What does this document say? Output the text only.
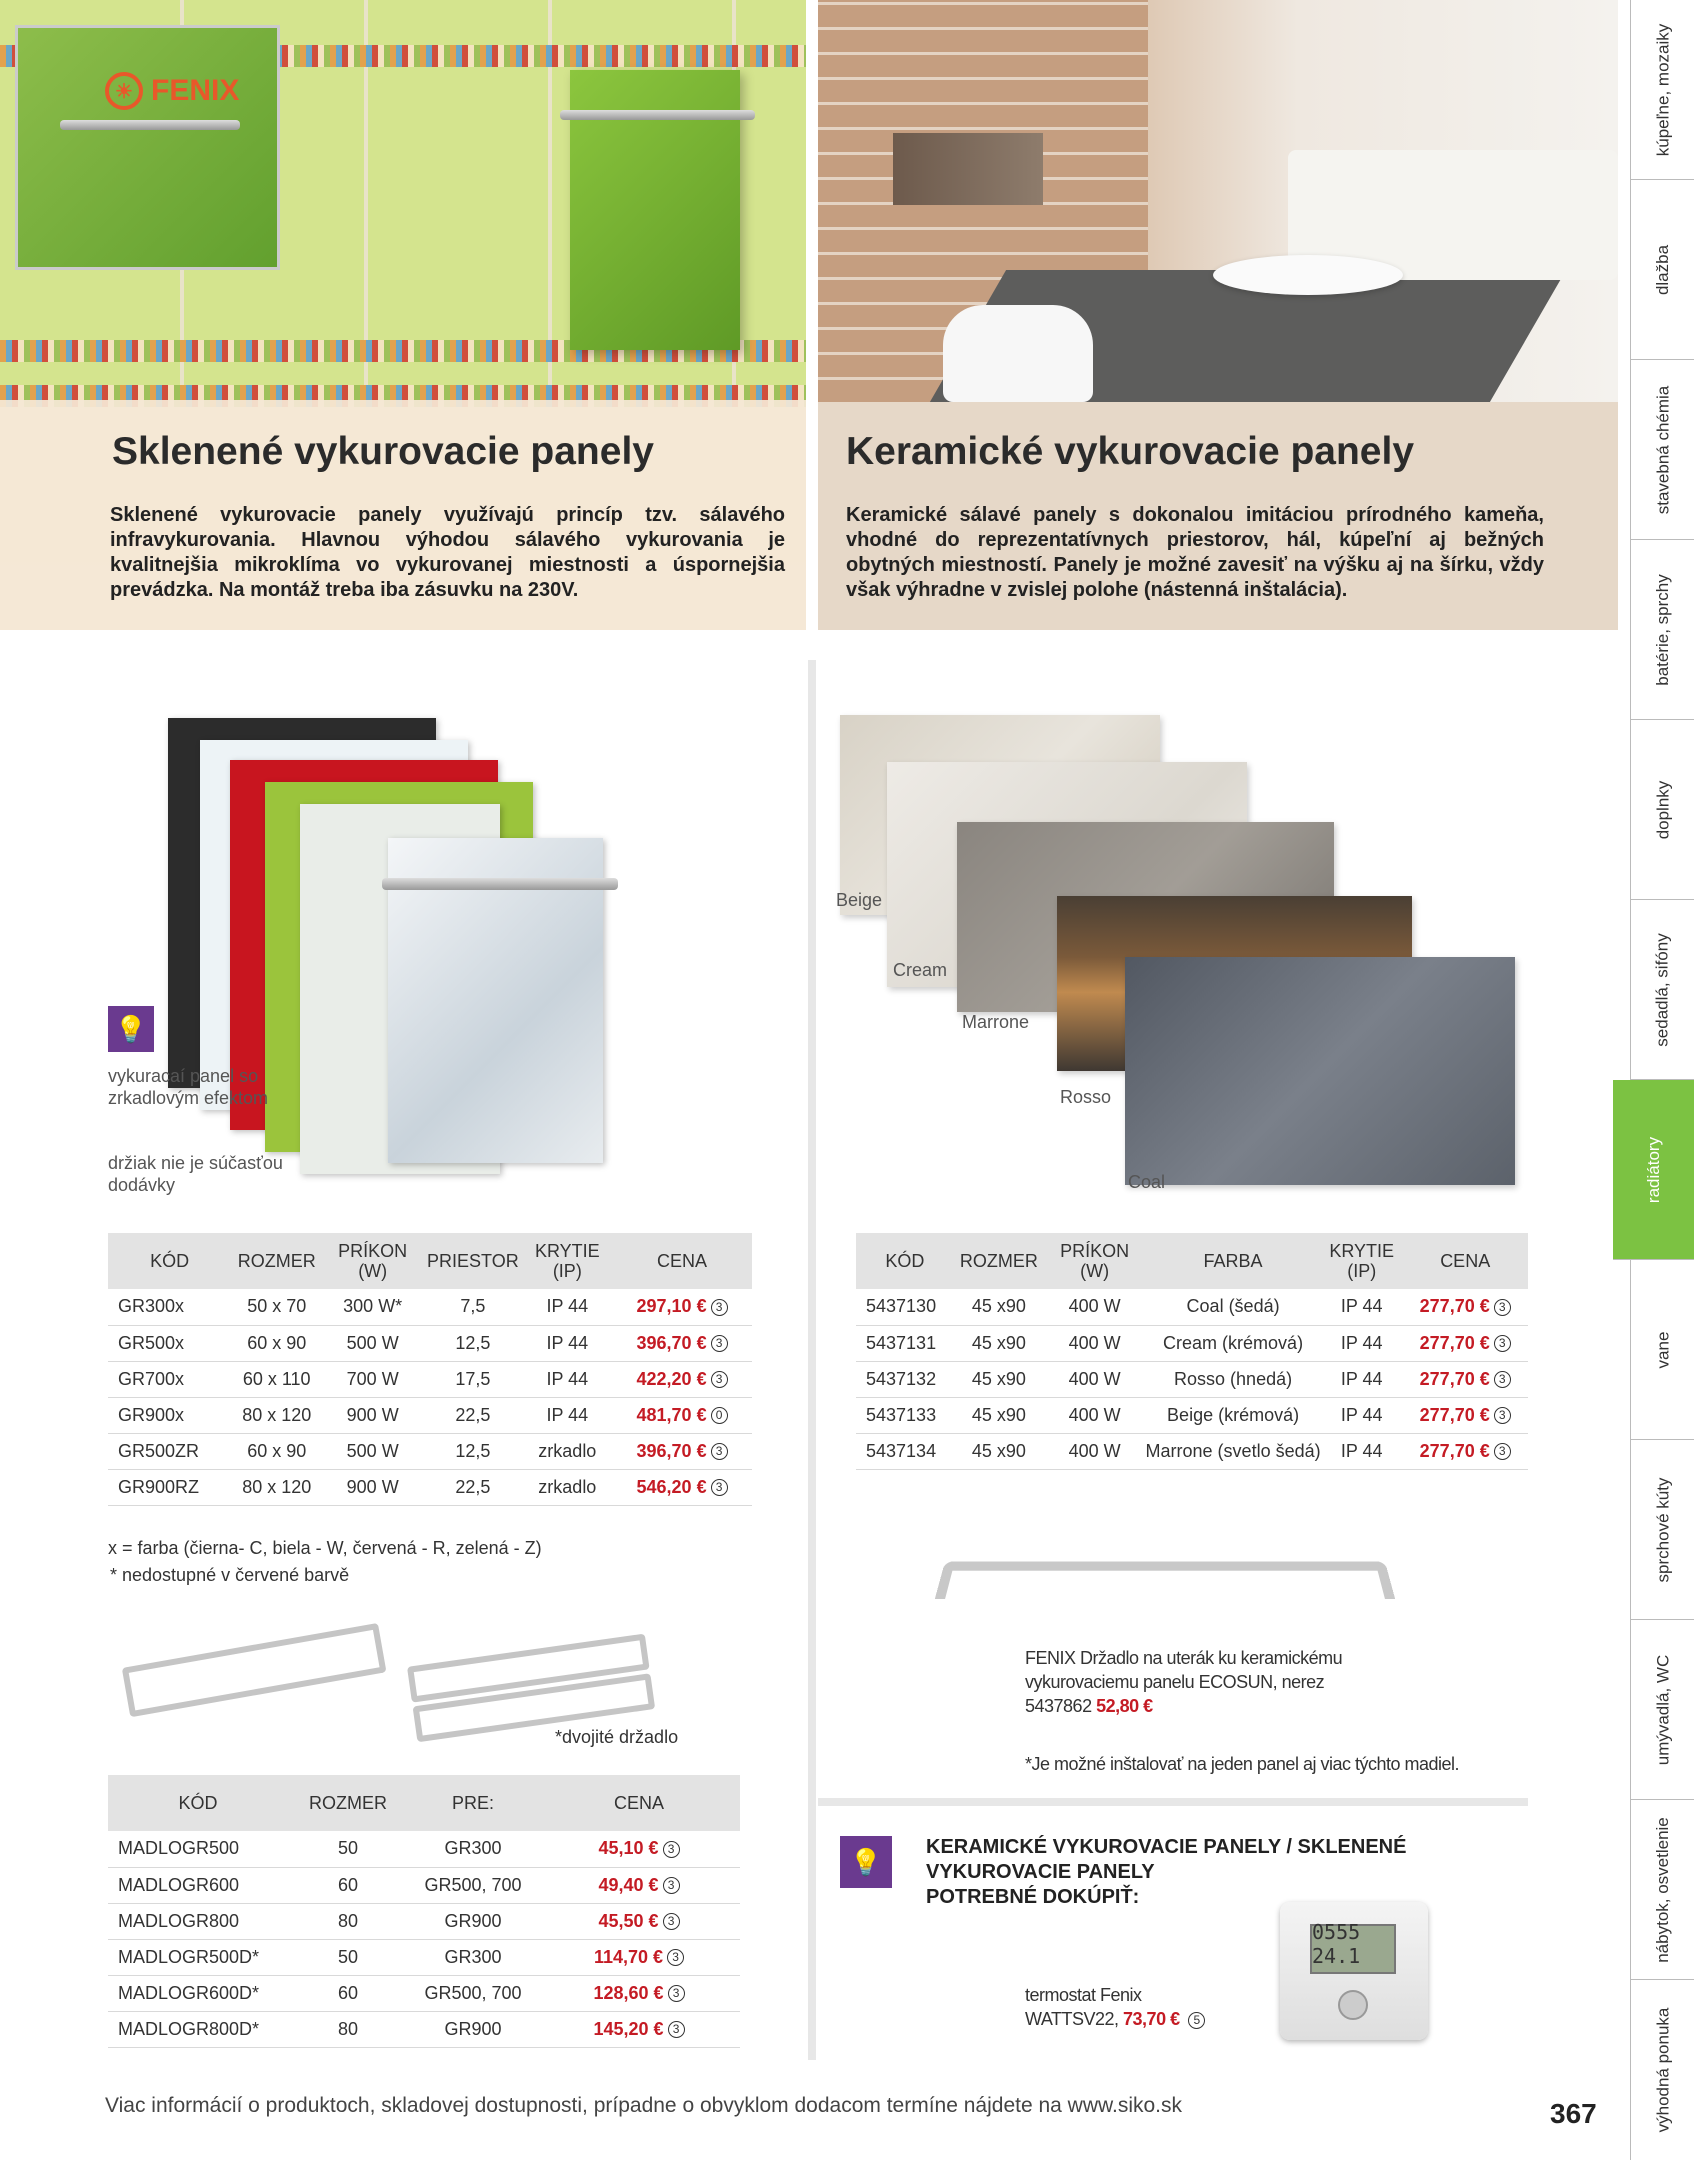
☀ FENIX
Sklenené vykurovacie panely
Sklenené vykurovacie panely využívajú princíp tzv. sálavého infravykurovania. Hlavnou výhodou sálavého vykurovania je kvalitnejšia mikroklíma vo vykurovanej miestnosti a úspornejšia prevádzka. Na montáž treba iba zásuvku na 230V.
Keramické vykurovacie panely
Keramické sálavé panely s dokonalou imitáciou prírodného kameňa, vhodné do reprezentatívnych priestorov, hál, kúpeľní aj bežných obytných miestností. Panely je možné zavesiť na výšku aj na šírku, vždy však výhradne v zvislej polohe (nástenná inštalácia).
kúpeľne, mozaiky
dlažba
stavebná chémia
batérie, sprchy
doplnky
sedadlá, sifóny
radiátory
vane
sprchové kúty
umývadlá, WC
nábytok, osvetlenie
výhodná ponuka
💡
vykuracaí panel so zrkadlovým efektom
držiak nie je súčasťou dodávky
Beige
Cream
Marrone
Rosso
Coal
KÓD	ROZMER	PRÍKON (W)	PRIESTOR	KRYTIE (IP)	CENA
GR300x	50 x 70	300 W*	7,5	IP 44	297,10 € 3
GR500x	60 x 90	500 W	12,5	IP 44	396,70 € 3
GR700x	60 x 110	700 W	17,5	IP 44	422,20 € 3
GR900x	80 x 120	900 W	22,5	IP 44	481,70 € 0
GR500ZR	60 x 90	500 W	12,5	zrkadlo	396,70 € 3
GR900RZ	80 x 120	900 W	22,5	zrkadlo	546,20 € 3
x = farba (čierna- C, biela - W, červená - R, zelená - Z)
* nedostupné v červené barvě
*dvojité držadlo
KÓD	ROZMER	PRE:	CENA
MADLOGR500	50	GR300	45,10 € 3
MADLOGR600	60	GR500, 700	49,40 € 3
MADLOGR800	80	GR900	45,50 € 3
MADLOGR500D*	50	GR300	114,70 € 3
MADLOGR600D*	60	GR500, 700	128,60 € 3
MADLOGR800D*	80	GR900	145,20 € 3
KÓD	ROZMER	PRÍKON (W)	FARBA	KRYTIE (IP)	CENA
5437130	45 x90	400 W	Coal (šedá)	IP 44	277,70 € 3
5437131	45 x90	400 W	Cream (krémová)	IP 44	277,70 € 3
5437132	45 x90	400 W	Rosso (hnedá)	IP 44	277,70 € 3
5437133	45 x90	400 W	Beige (krémová)	IP 44	277,70 € 3
5437134	45 x90	400 W	Marrone (svetlo šedá)	IP 44	277,70 € 3
FENIX Držadlo na uterák ku keramickému
vykurovaciemu panelu ECOSUN, nerez
5437862 52,80 €
*Je možné inštalovať na jeden panel aj viac týchto madiel.
💡	KERAMICKÉ VYKUROVACIE PANELY / SKLENENÉ
VYKUROVACIE PANELY
POTREBNÉ DOKÚPIŤ:
0555 24.1
termostat Fenix
WATTSV22, 73,70 € 5
Viac informácií o produktoch, skladovej dostupnosti, prípadne o obvyklom dodacom termíne nájdete na www.siko.sk	367
